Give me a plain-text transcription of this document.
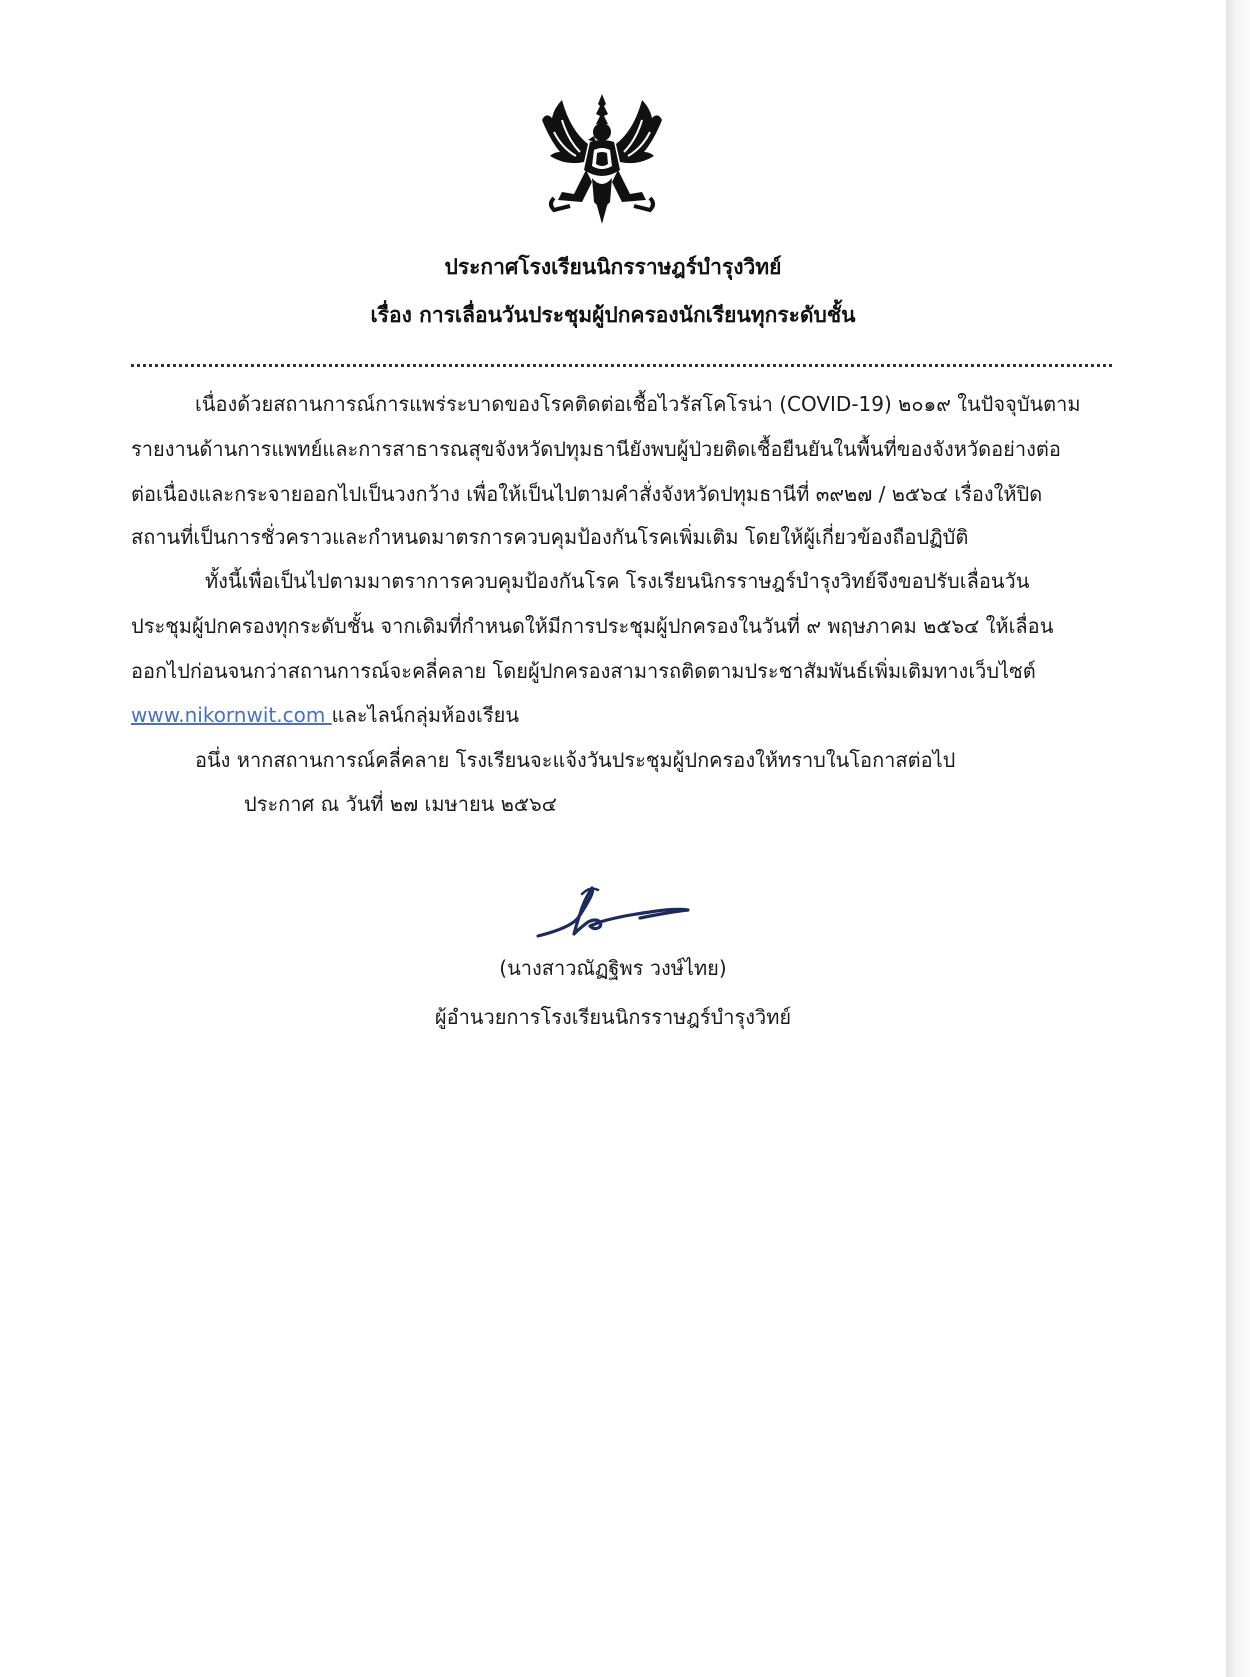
ประกาศโรงเรียนนิกรราษฎร์บำรุงวิทย์
เรื่อง การเลื่อนวันประชุมผู้ปกครองนักเรียนทุกระดับชั้น
เนื่องด้วยสถานการณ์การแพร่ระบาดของโรคติดต่อเชื้อไวรัสโคโรน่า (COVID-19) ๒๐๑๙ ในปัจจุบันตาม
รายงานด้านการแพทย์และการสาธารณสุขจังหวัดปทุมธานียังพบผู้ป่วยติดเชื้อยืนยันในพื้นที่ของจังหวัดอย่างต่อ
ต่อเนื่องและกระจายออกไปเป็นวงกว้าง เพื่อให้เป็นไปตามคำสั่งจังหวัดปทุมธานีที่ ๓๙๒๗ / ๒๕๖๔ เรื่องให้ปิด
สถานที่เป็นการชั่วคราวและกำหนดมาตรการควบคุมป้องกันโรคเพิ่มเติม โดยให้ผู้เกี่ยวข้องถือปฏิบัติ
ทั้งนี้เพื่อเป็นไปตามมาตราการควบคุมป้องกันโรค โรงเรียนนิกรราษฎร์บำรุงวิทย์จึงขอปรับเลื่อนวัน
ประชุมผู้ปกครองทุกระดับชั้น จากเดิมที่กำหนดให้มีการประชุมผู้ปกครองในวันที่ ๙ พฤษภาคม ๒๕๖๔ ให้เลื่อน
ออกไปก่อนจนกว่าสถานการณ์จะคลี่คลาย โดยผู้ปกครองสามารถติดตามประชาสัมพันธ์เพิ่มเติมทางเว็บไซต์
www.nikornwit.com และไลน์กลุ่มห้องเรียน
อนึ่ง หากสถานการณ์คลี่คลาย โรงเรียนจะแจ้งวันประชุมผู้ปกครองให้ทราบในโอกาสต่อไป
ประกาศ ณ วันที่ ๒๗ เมษายน ๒๕๖๔
(นางสาวณัฏฐิพร วงษ์ไทย)
ผู้อำนวยการโรงเรียนนิกรราษฎร์บำรุงวิทย์
